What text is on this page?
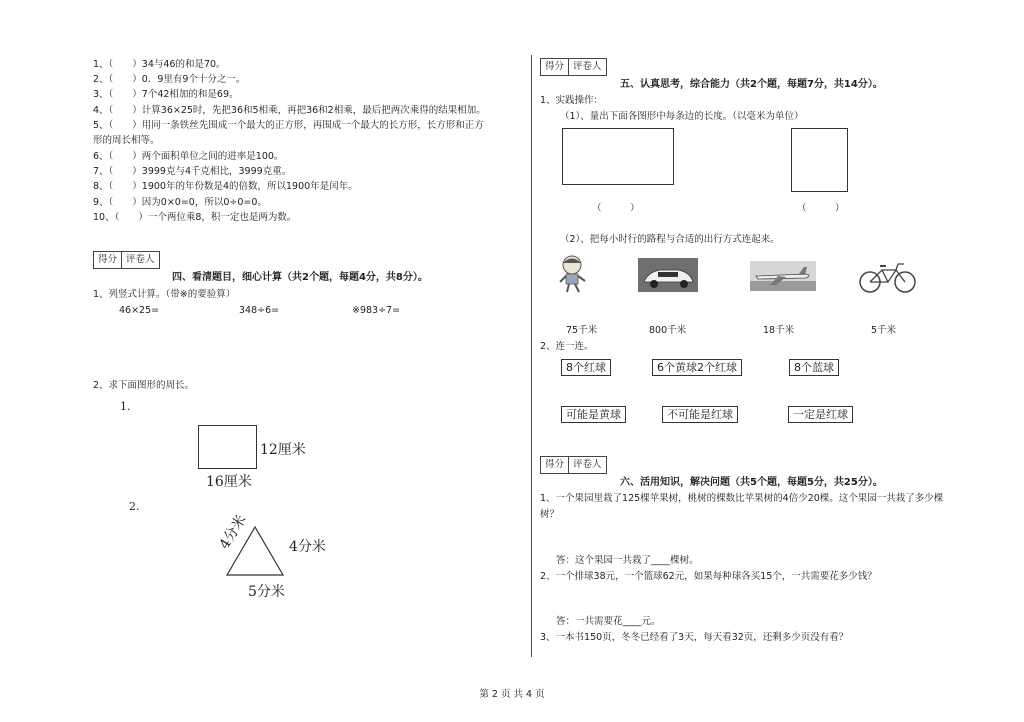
1、（　　）34与46的和是70。
2、（　　）0．9里有9个十分之一。
3、（　　）7个42相加的和是69。
4、（　　）计算36×25时，先把36和5相乘，再把36和2相乘，最后把两次乘得的结果相加。
5、（　　）用同一条铁丝先围成一个最大的正方形，再围成一个最大的长方形，长方形和正方
形的周长相等。
6、（　　）两个面积单位之间的进率是100。
7、（　　）3999克与4千克相比，3999克重。
8、（　　）1900年的年份数是4的倍数，所以1900年是闰年。
9、（　　）因为0×0=0，所以0÷0=0。
10、（　　）一个两位乘8，积一定也是两为数。
得分 评卷人
四、看清题目，细心计算（共2个题，每题4分，共8分）。
1、列竖式计算。（带※的要验算）
46×25=	348÷6=	※983÷7=
2、求下面图形的周长。
1.
12厘米
16厘米
2.
4分米	4分米
5分米
得分 评卷人
五、认真思考，综合能力（共2个题，每题7分，共14分）。
1、实践操作：
（1）、量出下面各图形中每条边的长度。（以毫米为单位）
（　　　）	（　　　）
（2）、把每小时行的路程与合适的出行方式连起来。
75千米	800千米	18千米	5千米
2、连一连。
8个红球	6个黄球2个红球	8个蓝球
可能是黄球	不可能是红球	一定是红球
得分 评卷人
六、活用知识，解决问题（共5个题，每题5分，共25分）。
1、一个果园里栽了125棵苹果树，桃树的棵数比苹果树的4倍少20棵。这个果园一共栽了多少棵
树？
答：这个果园一共栽了____棵树。
2、一个排球38元，一个篮球62元，如果每种球各买15个，一共需要花多少钱？
答：一共需要花____元。
3、一本书150页，冬冬已经看了3天，每天看32页，还剩多少页没有看？
第 2 页 共 4 页
